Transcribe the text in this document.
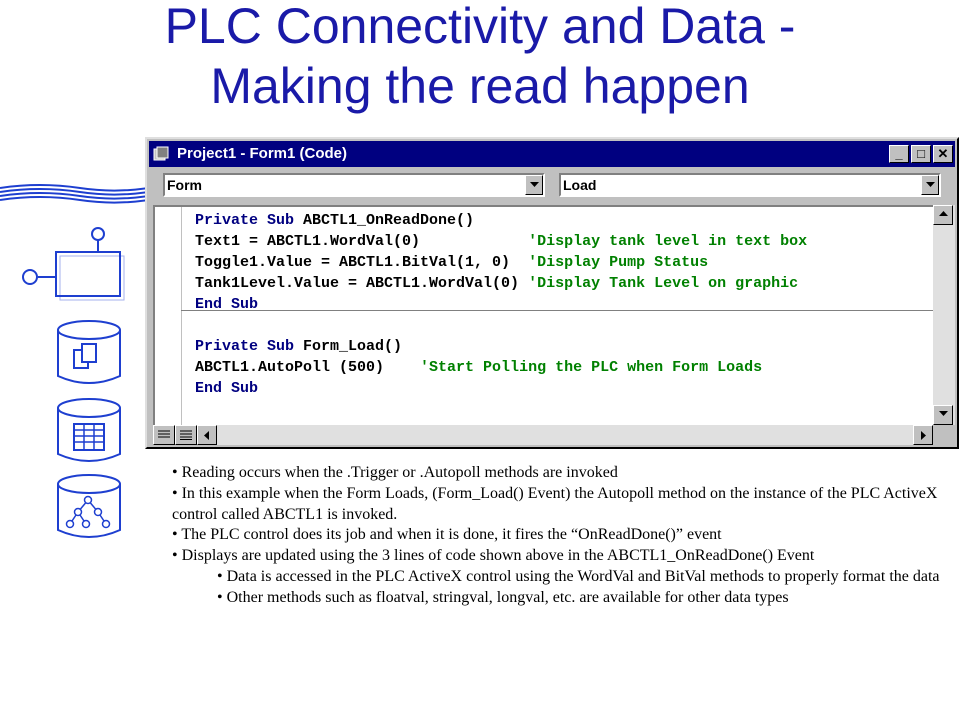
PLC Connectivity and Data -
Making the read happen
Project1 - Form1 (Code)	_	□ ✕
Form	Load
Private Sub ABCTL1_OnReadDone()
Text1 = ABCTL1.WordVal(0)            'Display tank level in text box
Toggle1.Value = ABCTL1.BitVal(1, 0)  'Display Pump Status
Tank1Level.Value = ABCTL1.WordVal(0) 'Display Tank Level on graphic
End Sub
Private Sub Form_Load()
ABCTL1.AutoPoll (500)    'Start Polling the PLC when Form Loads
End Sub

• Reading occurs when the .Trigger or .Autopoll methods are invoked

• In this example when the Form Loads, (Form_Load() Event) the Autopoll method on the instance of the PLC ActiveX control called ABCTL1 is invoked.

• The PLC control does its job and when it is done, it fires the “OnReadDone()” event

• Displays are updated using the 3 lines of code shown above in the ABCTL1_OnReadDone() Event

• Data is accessed in the PLC ActiveX control using the WordVal and BitVal methods to properly format the data

• Other methods such as floatval, stringval, longval, etc. are available for other data types
